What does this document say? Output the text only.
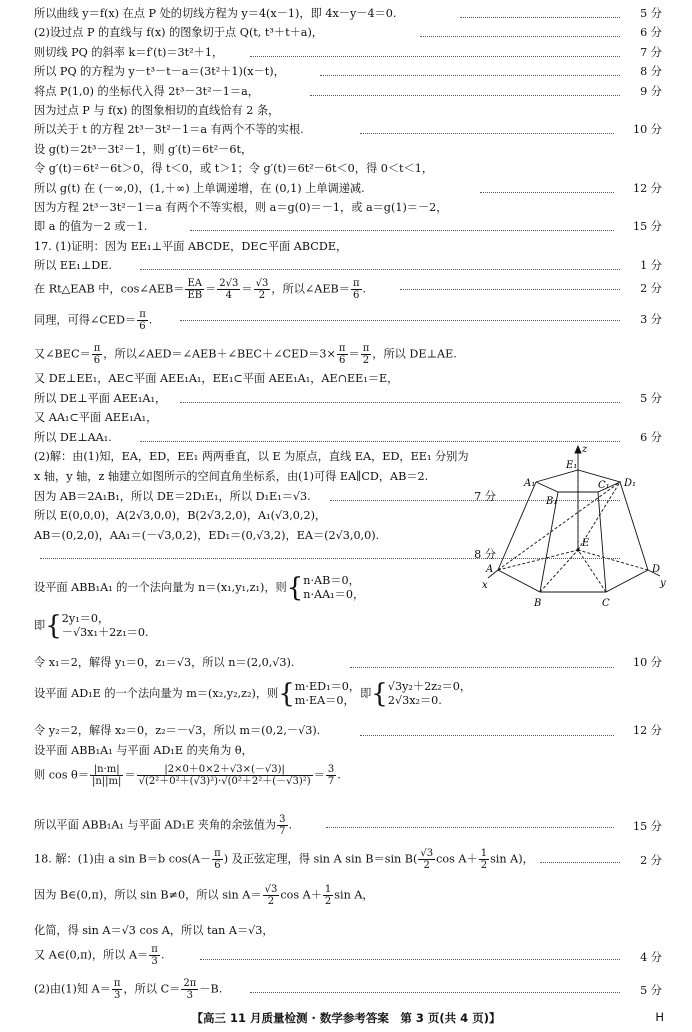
在 Rt△EAB 中，cos∠AEB＝ $\frac{EA}{EB} = \frac{2√3}{4} = \frac{√3}{2}$ ，所以∠AEB＝ $\frac{\pi}{6}$ .	2 分
同理，可得∠CED＝ $\frac{\pi}{6}$ .	3 分
又∠BEC＝ $\frac{\pi}{6}$ ，所以∠AED＝∠AEB＋∠BEC＋∠CED＝3× $\frac{\pi}{6} = \frac{\pi}{2}$ ，所以 DE⊥AE.
z
E₁
A₁	C₁ D₁
B₁
E
A
B	C
D
x	y
设平面 ABB₁A₁ 的一个法向量为 n＝(x₁,y₁,z₁)，则{n·AB＝0，
n·AA₁＝0，
即{2y₁＝0，
－√3x₁＋2z₁＝0.
令 x₁＝2，解得 y₁＝0，z₁＝√3，所以 n＝(2,0,√3).	10 分
设平面 AD₁E 的一个法向量为 m＝(x₂,y₂,z₂)，则{m·ED₁＝0，
m·EA＝0，即{√3y₂＋2z₂＝0，
2√3x₂＝0.
令 y₂＝2，解得 x₂＝0，z₂＝－√3，所以 m＝(0,2,－√3).	12 分
设平面 ABB₁A₁ 与平面 AD₁E 的夹角为 θ，
则 $\cos \theta= \frac{|n\cdot m|}{|n||m|} = \frac{|2\times 0+0\times 2+√3\times(-√3)|}{\text{√(2²＋0²＋(√3)²)·√(0²＋2²＋(－√3)²)}} = \frac{3}{7}$ .
所以平面 ABB₁A₁ 与平面 AD₁E 夹角的余弦值为 $\frac{3}{7}$ .	15 分
18. 解：(1)由 a sin B＝b $\cos(A- \frac{\pi}{6}$ ) 及正弦定理，得 sin A sin B＝sin $B( \frac{√3}{2}$ $\cos A+ \frac{1}{2}$ sin A)，	2 分
因为 B∈(0,π)，所以 sin B≠0，所以 $\sin A= \frac{√3}{2}$ $\cos A+ \frac{1}{2}$ sin A，
化简，得 sin A＝√3 cos A，所以 tan A＝√3，
又 A∈(0,π)，所以 $A= \frac{\pi}{3}$ .	4 分
(2)由(1)知 $A= \frac{\pi}{3}$ ，所以 $C= \frac{2\pi}{3} -B$.	5 分
【高三 11 月质量检测 · 数学参考答案　第 3 页(共 4 页)】	H
所以曲线 y＝f(x) 在点 P 处的切线方程为 y＝4(x－1)，即 4x－y－4＝0.	5 分
(2)设过点 P 的直线与 f(x) 的图象切于点 Q(t, t³＋t＋a)，	6 分
则切线 PQ 的斜率 k＝f′(t)＝3t²＋1，	7 分
所以 PQ 的方程为 y－t³－t－a＝(3t²＋1)(x－t)，	8 分
将点 P(1,0) 的坐标代入得 2t³－3t²－1＝a，	9 分
因为过点 P 与 f(x) 的图象相切的直线恰有 2 条，
所以关于 t 的方程 2t³－3t²－1＝a 有两个不等的实根.	10 分
设 g(t)＝2t³－3t²－1，则 g′(t)＝6t²－6t，
令 g′(t)＝6t²－6t＞0，得 t＜0，或 t＞1；令 g′(t)＝6t²－6t＜0，得 0＜t＜1，
所以 g(t) 在 (－∞,0)，(1,＋∞) 上单调递增，在 (0,1) 上单调递减.	12 分
因为方程 2t³－3t²－1＝a 有两个不等实根，则 a＝g(0)＝－1，或 a＝g(1)＝－2，
即 a 的值为－2 或－1.	15 分
17. (1)证明：因为 EE₁⊥平面 ABCDE，DE⊂平面 ABCDE，
所以 EE₁⊥DE.	1 分
又 DE⊥EE₁，AE⊂平面 AEE₁A₁，EE₁⊂平面 AEE₁A₁，AE∩EE₁＝E，
所以 DE⊥平面 AEE₁A₁，	5 分
又 AA₁⊂平面 AEE₁A₁，
所以 DE⊥AA₁.	6 分
(2)解：由(1)知，EA，ED，EE₁ 两两垂直，以 E 为原点，直线 EA，ED，EE₁ 分别为
x 轴，y 轴，z 轴建立如图所示的空间直角坐标系，由(1)可得 EA∥CD，AB＝2.
因为 AB＝2A₁B₁，所以 DE＝2D₁E₁，所以 D₁E₁＝√3.	7 分
所以 E(0,0,0)，A(2√3,0,0)，B(2√3,2,0)，A₁(√3,0,2)，
AB＝(0,2,0)，AA₁＝(－√3,0,2)，ED₁＝(0,√3,2)，EA＝(2√3,0,0).
8 分
